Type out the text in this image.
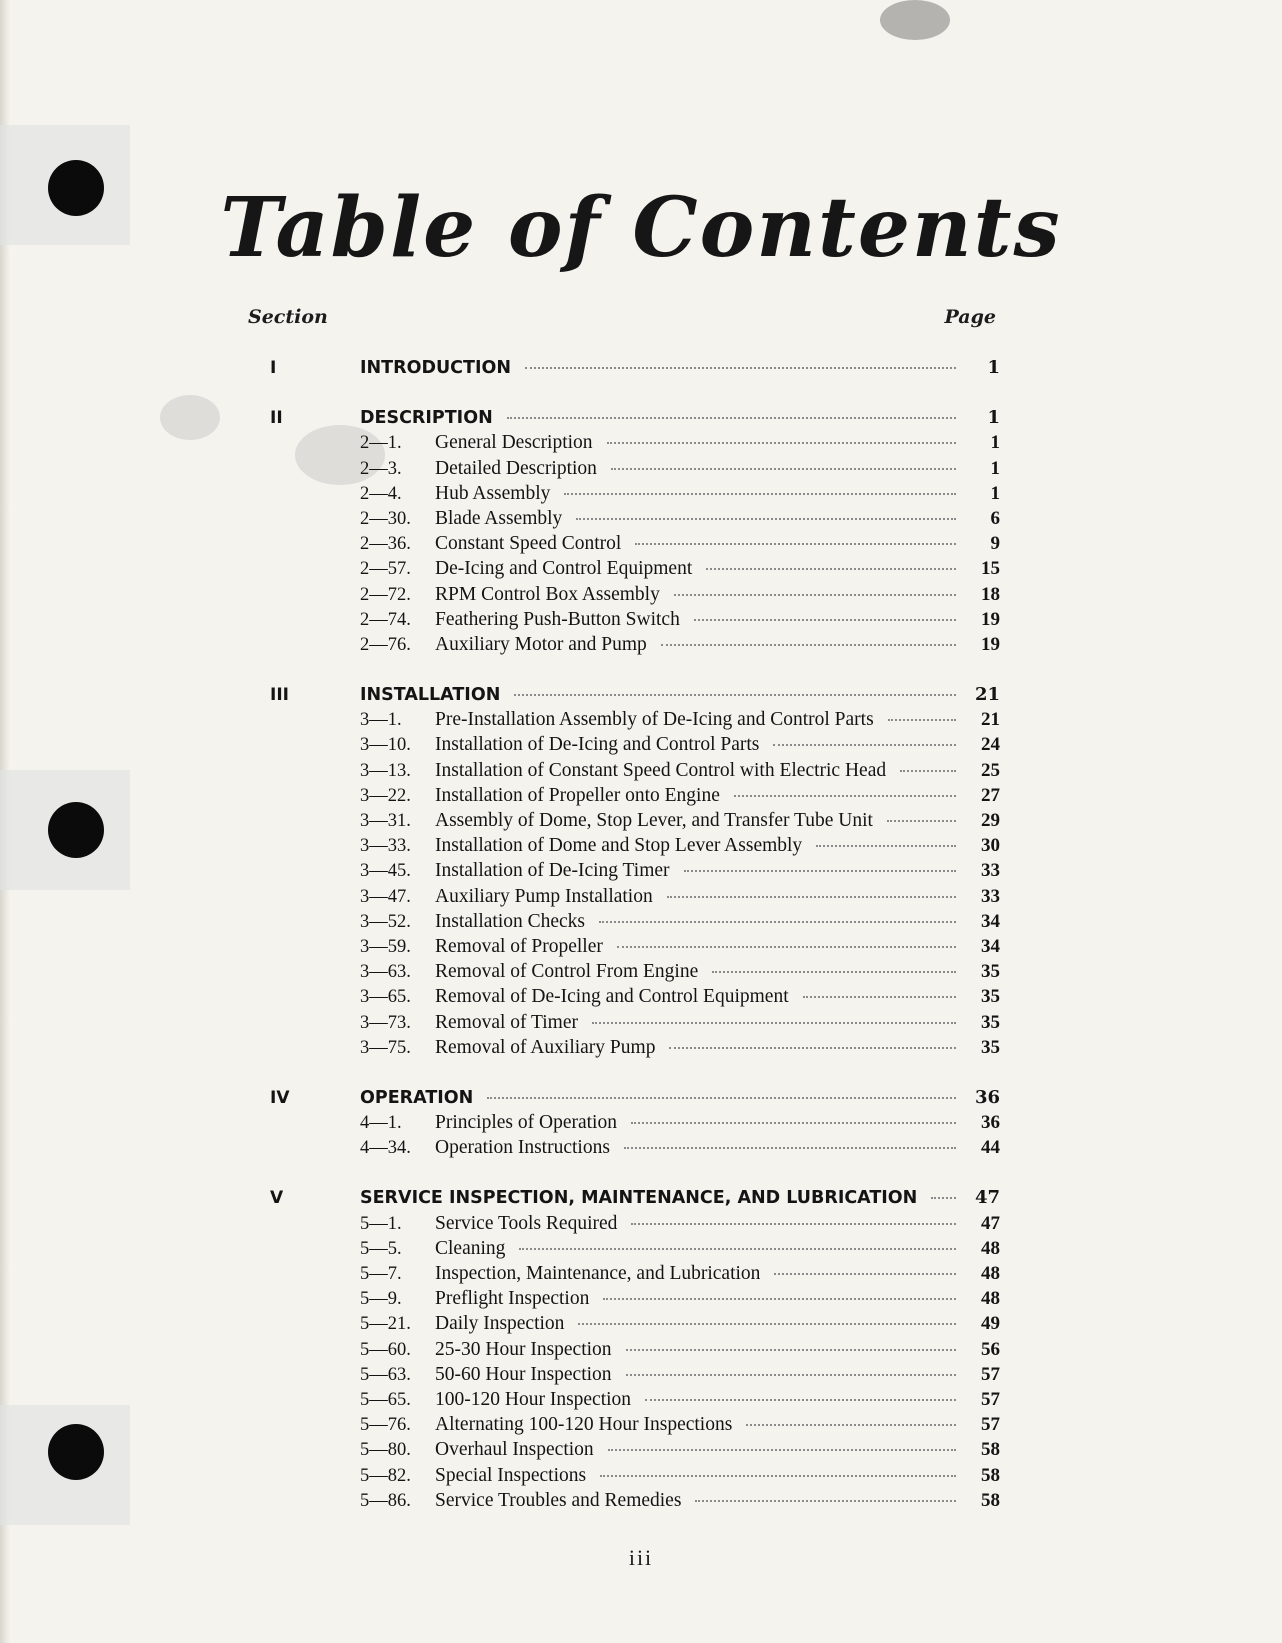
Table of Contents
Section	Page
I	INTRODUCTION	1
II	DESCRIPTION	1
2—1.	General Description	1
2—3.	Detailed Description	1
2—4.	Hub Assembly	1
2—30.	Blade Assembly	6
2—36.	Constant Speed Control	9
2—57.	De-Icing and Control Equipment	15
2—72.	RPM Control Box Assembly	18
2—74.	Feathering Push-Button Switch	19
2—76.	Auxiliary Motor and Pump	19
III	INSTALLATION	21
3—1.	Pre-Installation Assembly of De-Icing and Control Parts	21
3—10.	Installation of De-Icing and Control Parts	24
3—13.	Installation of Constant Speed Control with Electric Head	25
3—22.	Installation of Propeller onto Engine	27
3—31.	Assembly of Dome, Stop Lever, and Transfer Tube Unit	29
3—33.	Installation of Dome and Stop Lever Assembly	30
3—45.	Installation of De-Icing Timer	33
3—47.	Auxiliary Pump Installation	33
3—52.	Installation Checks	34
3—59.	Removal of Propeller	34
3—63.	Removal of Control From Engine	35
3—65.	Removal of De-Icing and Control Equipment	35
3—73.	Removal of Timer	35
3—75.	Removal of Auxiliary Pump	35
IV	OPERATION	36
4—1.	Principles of Operation	36
4—34.	Operation Instructions	44
V	SERVICE INSPECTION, MAINTENANCE, AND LUBRICATION	47
5—1.	Service Tools Required	47
5—5.	Cleaning	48
5—7.	Inspection, Maintenance, and Lubrication	48
5—9.	Preflight Inspection	48
5—21.	Daily Inspection	49
5—60.	25-30 Hour Inspection	56
5—63.	50-60 Hour Inspection	57
5—65.	100-120 Hour Inspection	57
5—76.	Alternating 100-120 Hour Inspections	57
5—80.	Overhaul Inspection	58
5—82.	Special Inspections	58
5—86.	Service Troubles and Remedies	58
iii
